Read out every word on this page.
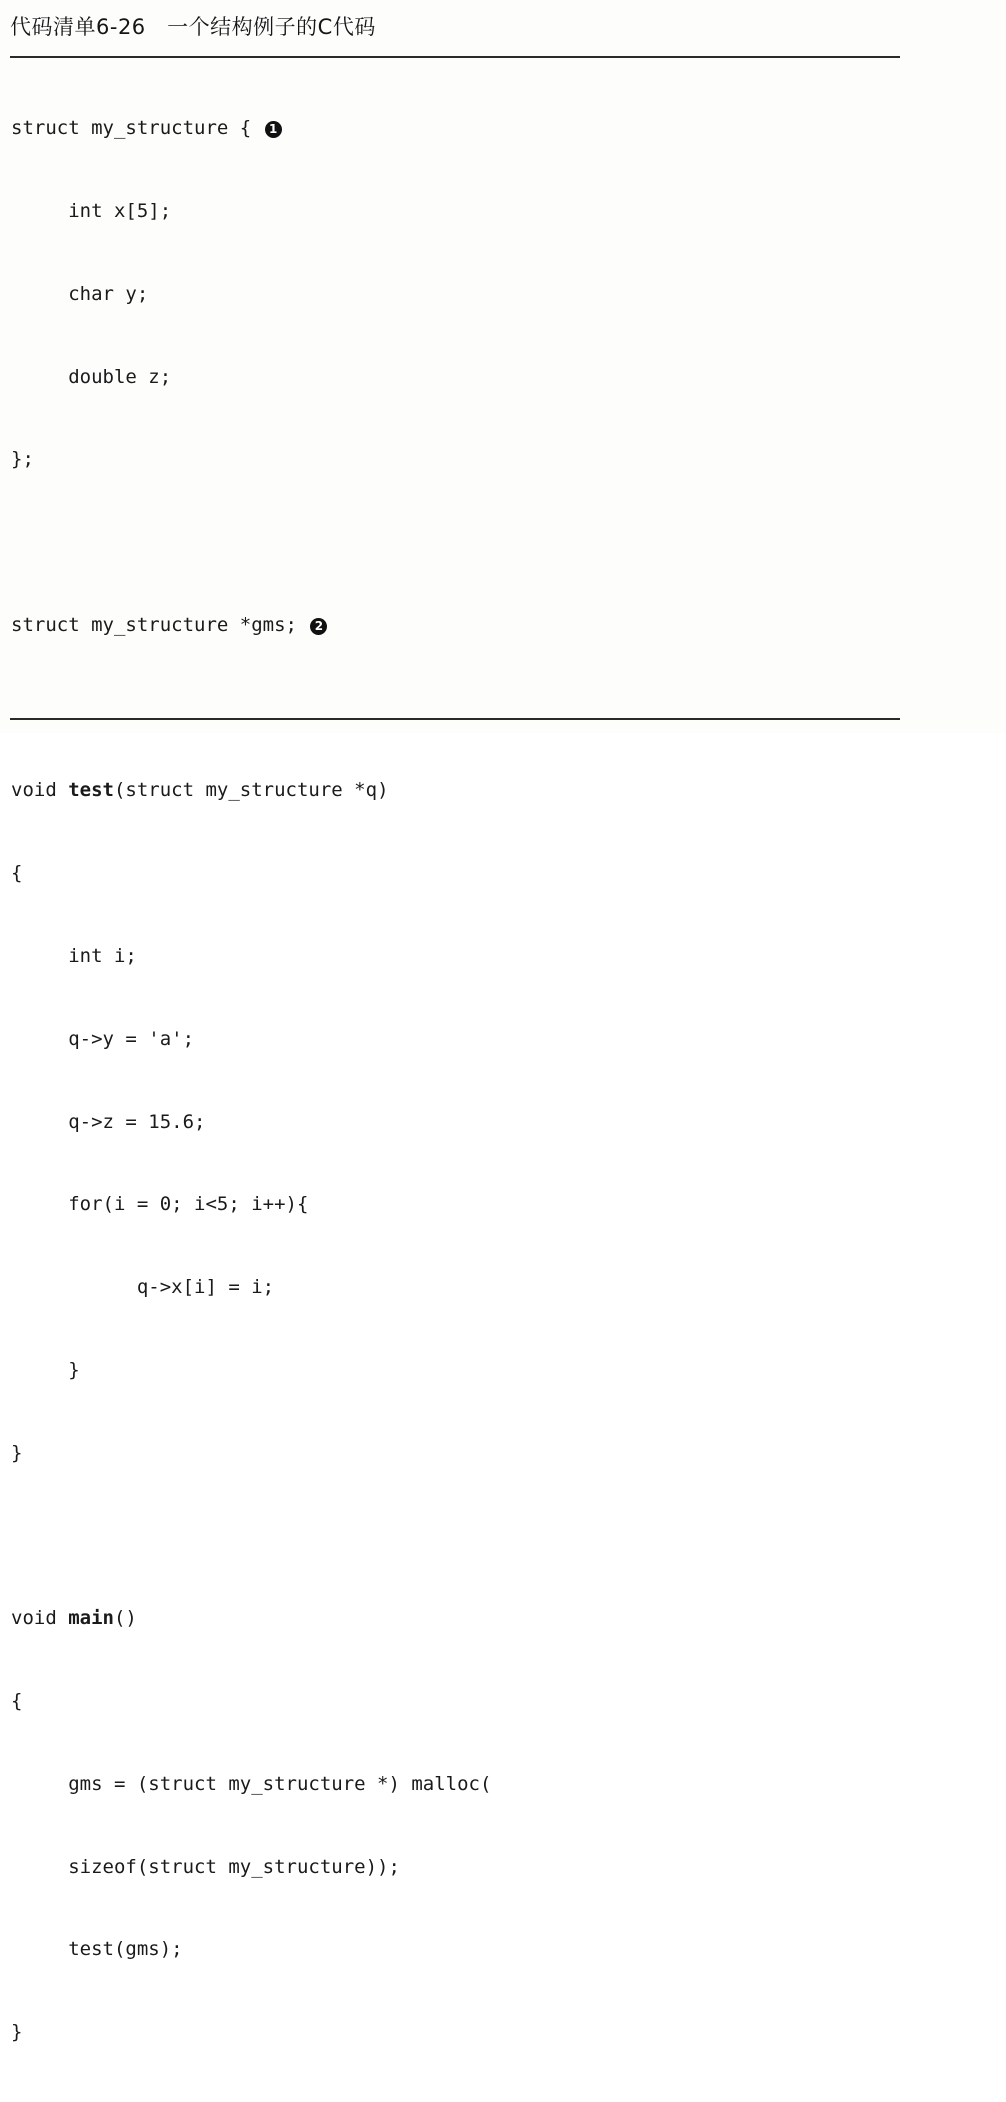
代码清单6-26   一个结构例子的C代码

struct my_structure { 1

int x[5];

char y;

double z;

};

struct my_structure *gms; 2

void test(struct my_structure *q)

{

int i;

q->y = 'a';

q->z = 15.6;

for(i = 0; i<5; i++){

q->x[i] = i;

}

}

void main()

{

gms = (struct my_structure *) malloc(

sizeof(struct my_structure));

test(gms);

}
